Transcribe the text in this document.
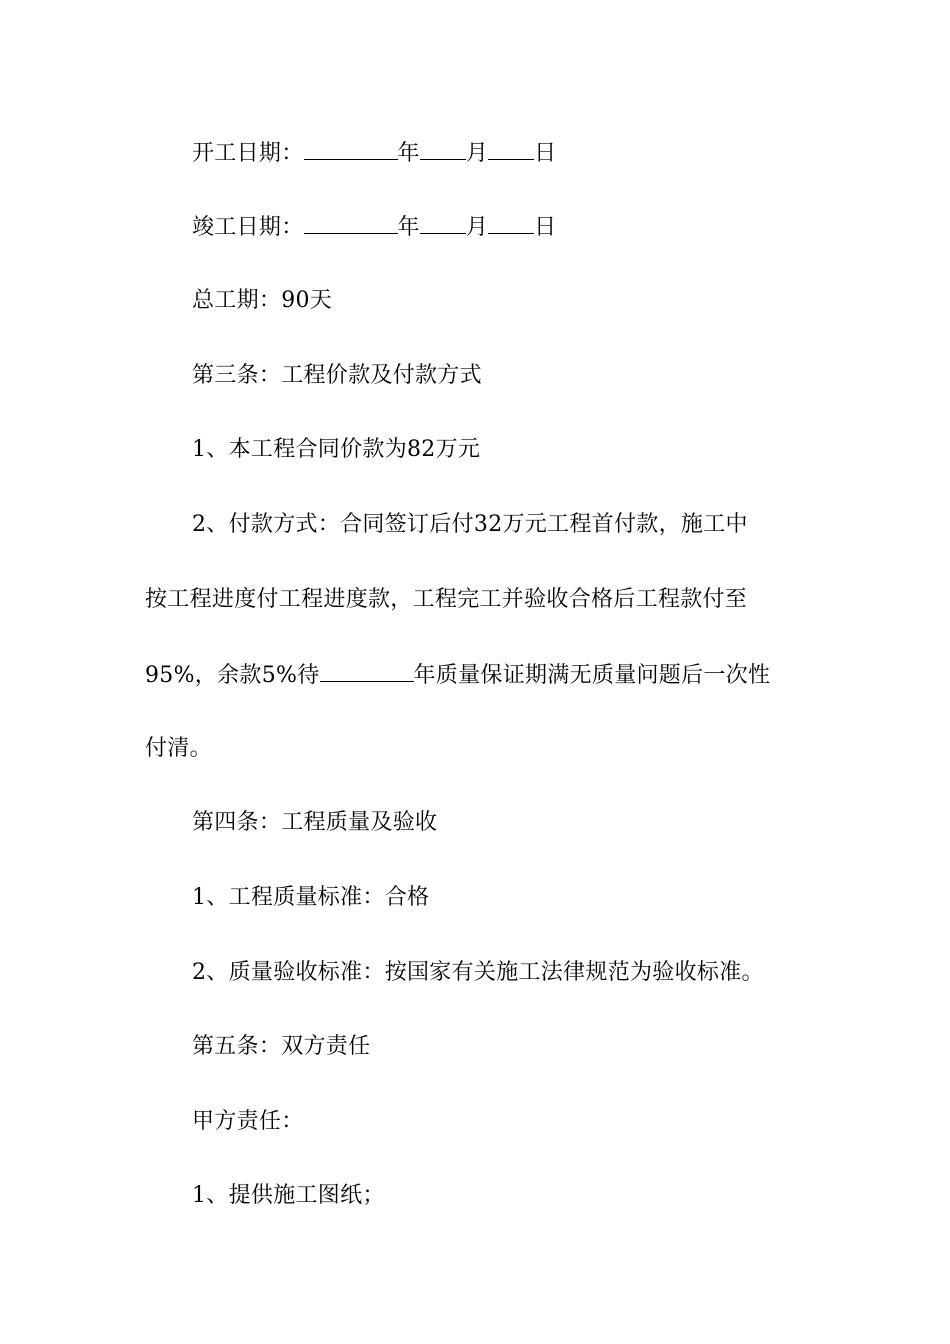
开工日期：	年 月 日
竣工日期：	年 月 日
总工期：90天
第三条：工程价款及付款方式
1、本工程合同价款为82万元
2、付款方式：合同签订后付32万元工程首付款，施工中
按工程进度付工程进度款，工程完工并验收合格后工程款付至
95%，余款5%待	年质量保证期满无质量问题后一次性
付清。
第四条：工程质量及验收
1、工程质量标准：合格
2、质量验收标准：按国家有关施工法律规范为验收标准。
第五条：双方责任
甲方责任：
1、提供施工图纸；
